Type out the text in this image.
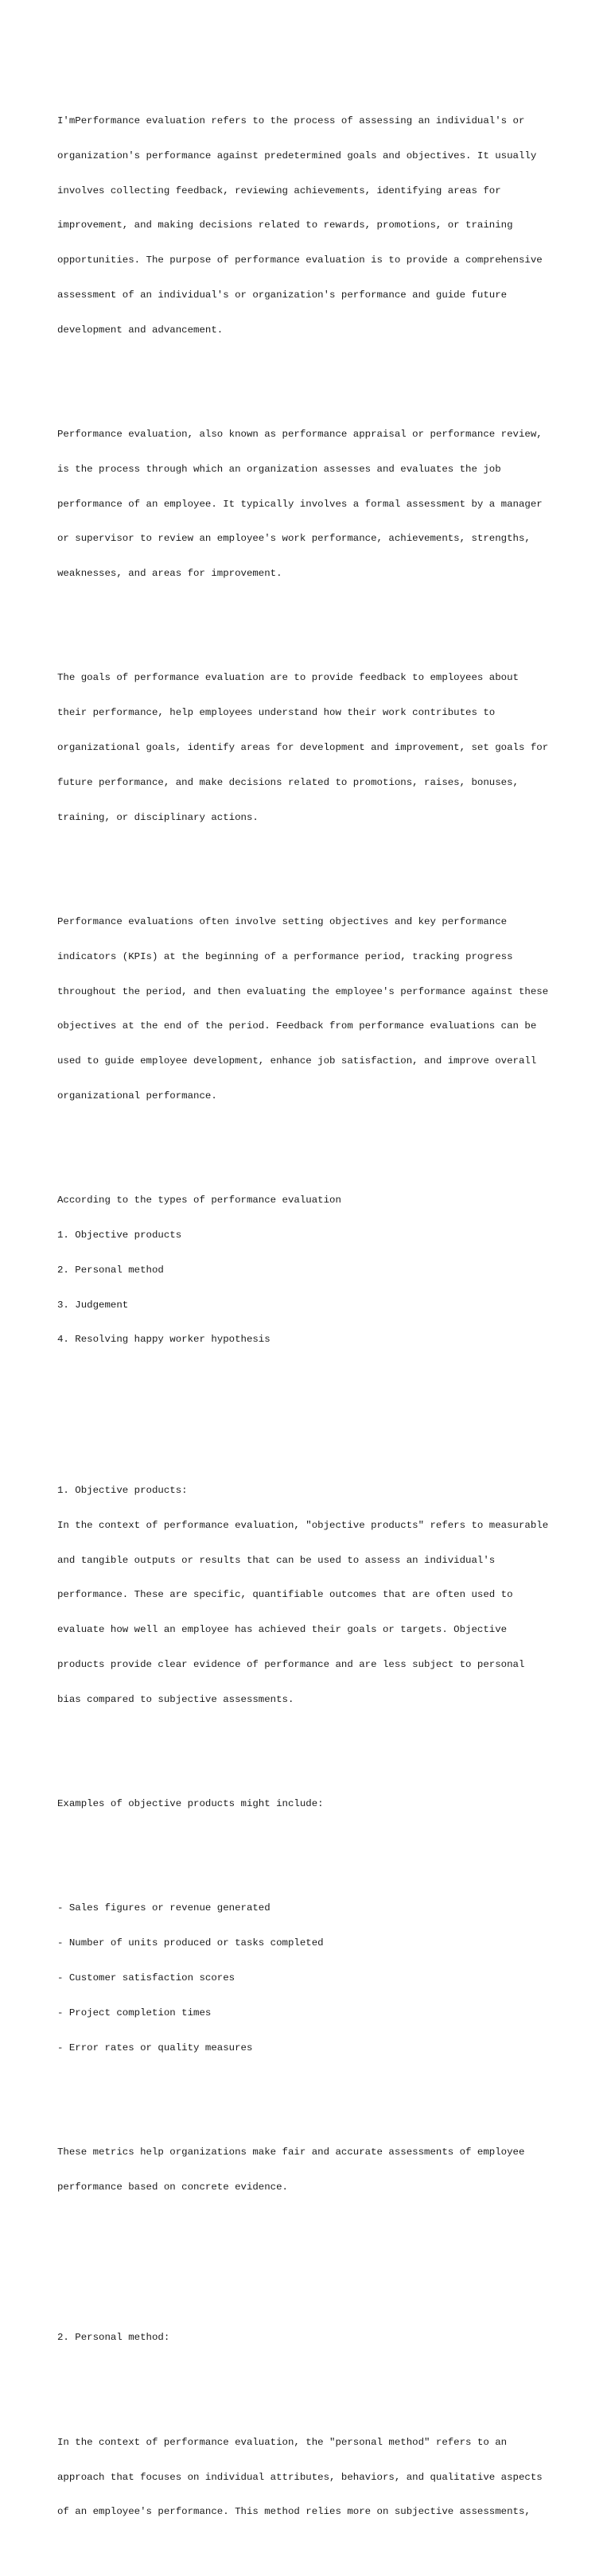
I'mPerformance evaluation refers to the process of assessing an individual's or

organization's performance against predetermined goals and objectives. It usually

involves collecting feedback, reviewing achievements, identifying areas for

improvement, and making decisions related to rewards, promotions, or training

opportunities. The purpose of performance evaluation is to provide a comprehensive

assessment of an individual's or organization's performance and guide future

development and advancement.

Performance evaluation, also known as performance appraisal or performance review,

is the process through which an organization assesses and evaluates the job

performance of an employee. It typically involves a formal assessment by a manager

or supervisor to review an employee's work performance, achievements, strengths,

weaknesses, and areas for improvement.

The goals of performance evaluation are to provide feedback to employees about

their performance, help employees understand how their work contributes to

organizational goals, identify areas for development and improvement, set goals for

future performance, and make decisions related to promotions, raises, bonuses,

training, or disciplinary actions.

Performance evaluations often involve setting objectives and key performance

indicators (KPIs) at the beginning of a performance period, tracking progress

throughout the period, and then evaluating the employee's performance against these

objectives at the end of the period. Feedback from performance evaluations can be

used to guide employee development, enhance job satisfaction, and improve overall

organizational performance.

According to the types of performance evaluation

1. Objective products

2. Personal method

3. Judgement

4. Resolving happy worker hypothesis

1. Objective products:

In the context of performance evaluation, "objective products" refers to measurable

and tangible outputs or results that can be used to assess an individual's

performance. These are specific, quantifiable outcomes that are often used to

evaluate how well an employee has achieved their goals or targets. Objective

products provide clear evidence of performance and are less subject to personal

bias compared to subjective assessments.

Examples of objective products might include:

- Sales figures or revenue generated

- Number of units produced or tasks completed

- Customer satisfaction scores

- Project completion times

- Error rates or quality measures

These metrics help organizations make fair and accurate assessments of employee

performance based on concrete evidence.

2. Personal method:

In the context of performance evaluation, the "personal method" refers to an

approach that focuses on individual attributes, behaviors, and qualitative aspects

of an employee's performance. This method relies more on subjective assessments,
